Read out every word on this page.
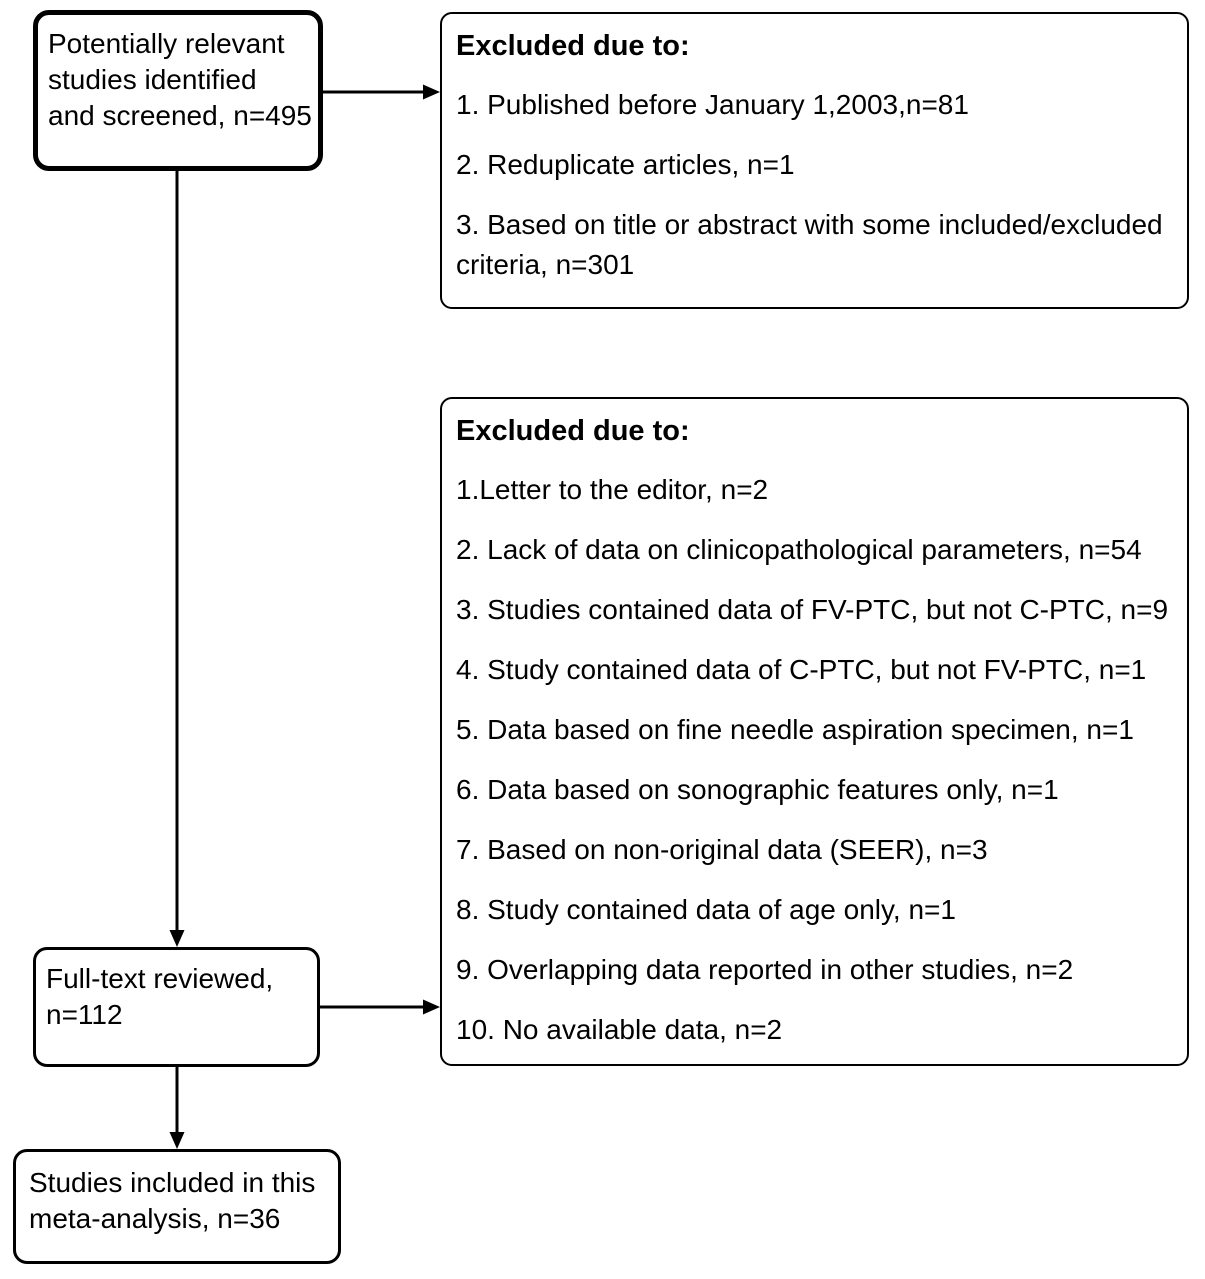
Potentially relevant
studies identified
and screened, n=495
Excluded due to:
1. Published before January 1,2003,n=81
2. Reduplicate articles, n=1
3. Based on title or abstract with some included/excluded criteria, n=301
Excluded due to:
1.Letter to the editor, n=2
2. Lack of data on clinicopathological parameters, n=54
3. Studies contained data of FV-PTC, but not C-PTC, n=9
4. Study contained data of C-PTC, but not FV-PTC, n=1
5. Data based on fine needle aspiration specimen, n=1
6. Data based on sonographic features only, n=1
7. Based on non-original data (SEER), n=3
8. Study contained data of age only, n=1
9. Overlapping data reported in other studies, n=2
10. No available data, n=2
Full-text reviewed,
n=112
Studies included in this
meta-analysis, n=36
